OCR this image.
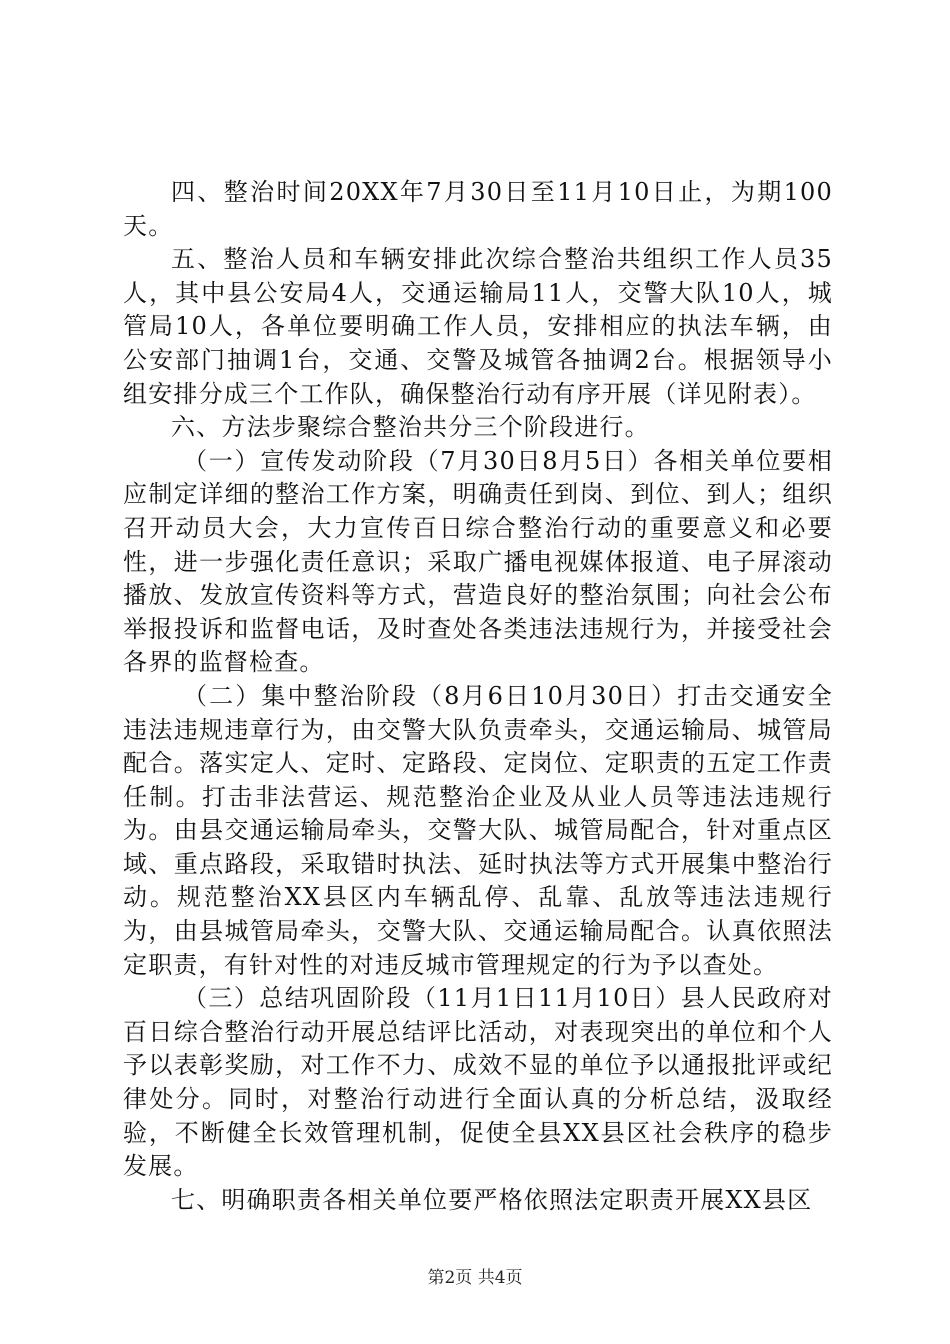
四、整治时间20XX年7月30日至11月10日止，为期100天。

五、整治人员和车辆安排此次综合整治共组织工作人员35人，其中县公安局4人，交通运输局11人，交警大队10人，城管局10人，各单位要明确工作人员，安排相应的执法车辆，由公安部门抽调1台，交通、交警及城管各抽调2台。根据领导小组安排分成三个工作队，确保整治行动有序开展（详见附表）。

六、方法步聚综合整治共分三个阶段进行。

（一）宣传发动阶段（7月30日8月5日）各相关单位要相应制定详细的整治工作方案，明确责任到岗、到位、到人；组织召开动员大会，大力宣传百日综合整治行动的重要意义和必要性，进一步强化责任意识；采取广播电视媒体报道、电子屏滚动播放、发放宣传资料等方式，营造良好的整治氛围；向社会公布举报投诉和监督电话，及时查处各类违法违规行为，并接受社会各界的监督检查。

（二）集中整治阶段（8月6日10月30日）打击交通安全违法违规违章行为，由交警大队负责牵头，交通运输局、城管局配合。落实定人、定时、定路段、定岗位、定职责的五定工作责任制。打击非法营运、规范整治企业及从业人员等违法违规行为。由县交通运输局牵头，交警大队、城管局配合，针对重点区域、重点路段，采取错时执法、延时执法等方式开展集中整治行动。规范整治XX县区内车辆乱停、乱靠、乱放等违法违规行为，由县城管局牵头，交警大队、交通运输局配合。认真依照法定职责，有针对性的对违反城市管理规定的行为予以查处。

（三）总结巩固阶段（11月1日11月10日）县人民政府对百日综合整治行动开展总结评比活动，对表现突出的单位和个人予以表彰奖励，对工作不力、成效不显的单位予以通报批评或纪律处分。同时，对整治行动进行全面认真的分析总结，汲取经验，不断健全长效管理机制，促使全县XX县区社会秩序的稳步发展。

七、明确职责各相关单位要严格依照法定职责开展XX县区

第2页 共4页
